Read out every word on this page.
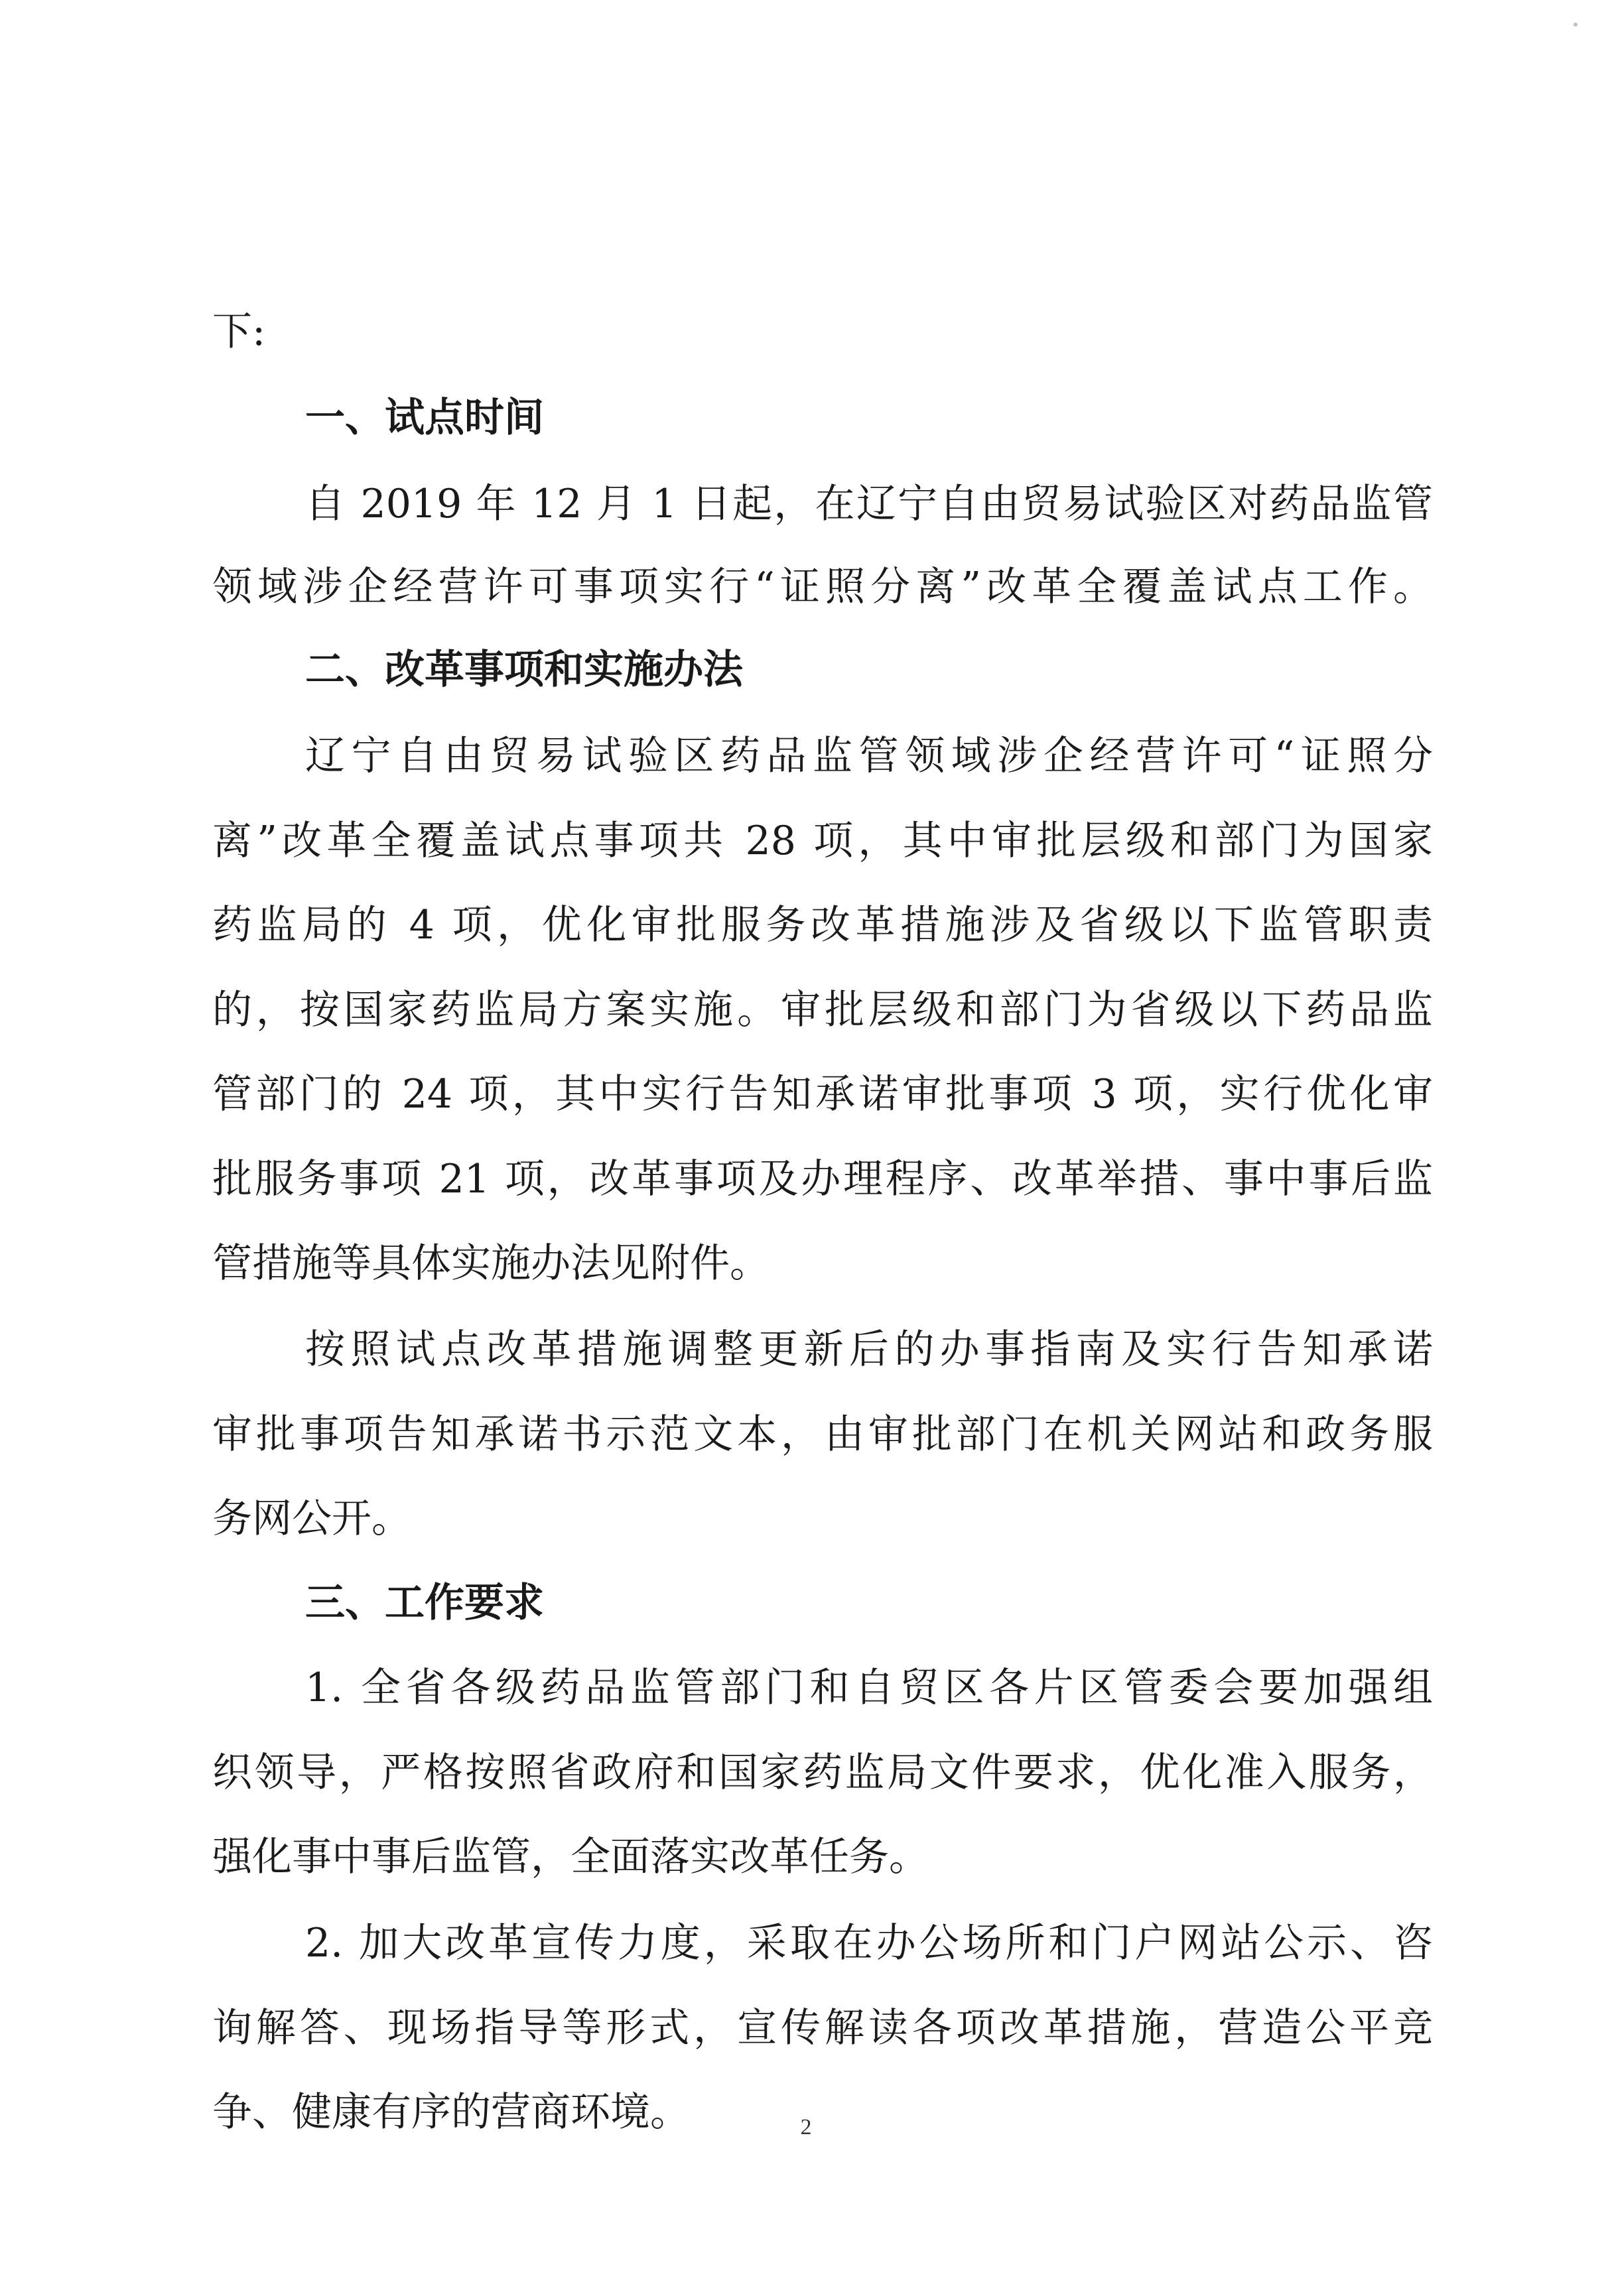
下:
一、试点时间
自 2019 年 12 月 1 日起，在辽宁自由贸易试验区对药品监管
领域涉企经营许可事项实行“证照分离”改革全覆盖试点工作。
二、改革事项和实施办法
辽宁自由贸易试验区药品监管领域涉企经营许可“证照分
离”改革全覆盖试点事项共 28 项，其中审批层级和部门为国家
药监局的 4 项，优化审批服务改革措施涉及省级以下监管职责
的，按国家药监局方案实施。审批层级和部门为省级以下药品监
管部门的 24 项，其中实行告知承诺审批事项 3 项，实行优化审
批服务事项 21 项，改革事项及办理程序、改革举措、事中事后监
管措施等具体实施办法见附件。
按照试点改革措施调整更新后的办事指南及实行告知承诺
审批事项告知承诺书示范文本，由审批部门在机关网站和政务服
务网公开。
三、工作要求
1. 全省各级药品监管部门和自贸区各片区管委会要加强组
织领导，严格按照省政府和国家药监局文件要求，优化准入服务，
强化事中事后监管，全面落实改革任务。
2. 加大改革宣传力度，采取在办公场所和门户网站公示、咨
询解答、现场指导等形式，宣传解读各项改革措施，营造公平竞
争、健康有序的营商环境。	2
